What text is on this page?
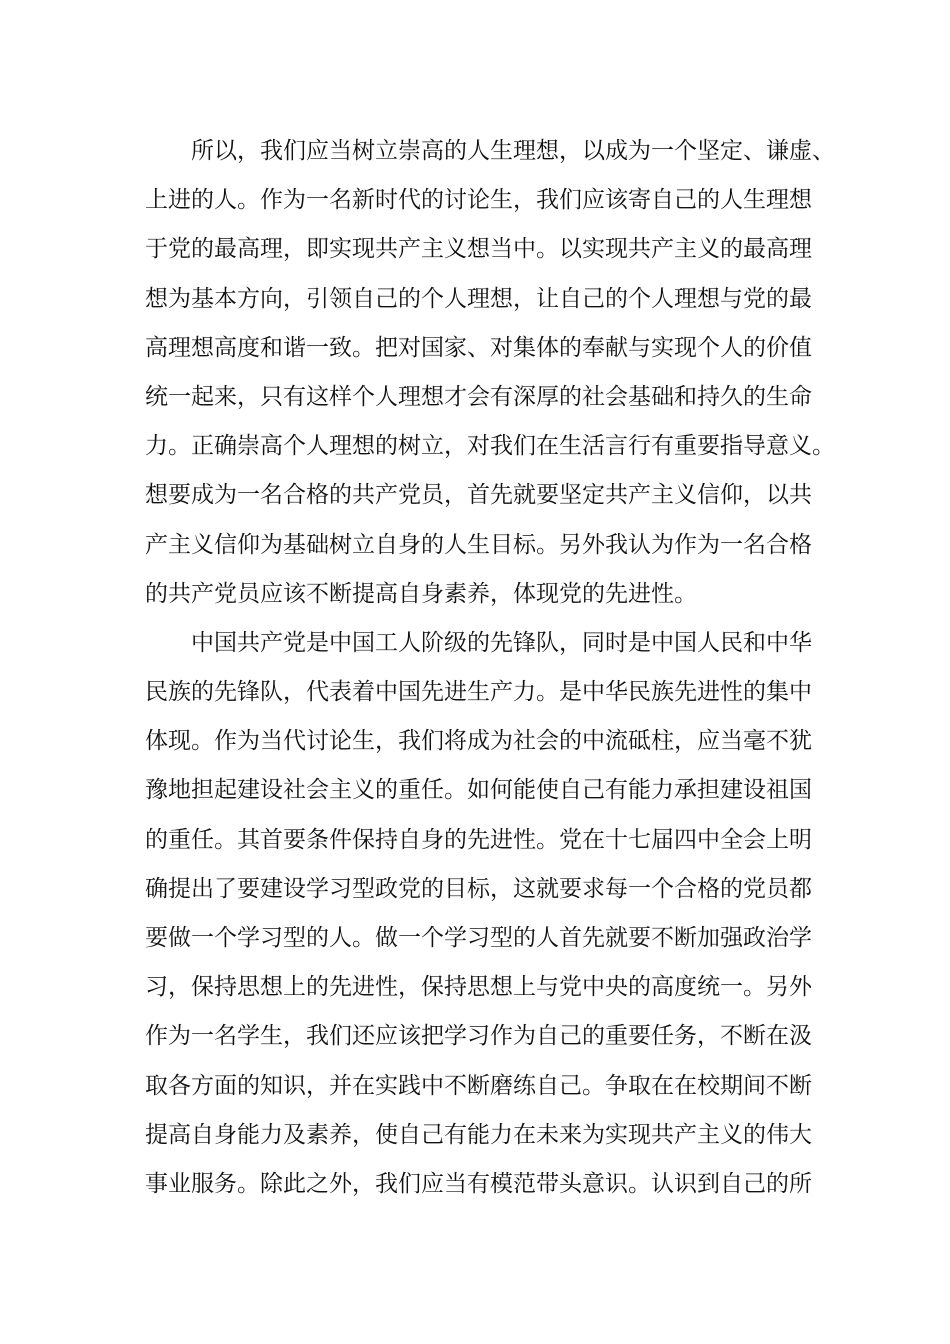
所以，我们应当树立崇高的人生理想，以成为一个坚定、谦虚、
上进的人。作为一名新时代的讨论生，我们应该寄自己的人生理想
于党的最高理，即实现共产主义想当中。以实现共产主义的最高理
想为基本方向，引领自己的个人理想，让自己的个人理想与党的最
高理想高度和谐一致。把对国家、对集体的奉献与实现个人的价值
统一起来，只有这样个人理想才会有深厚的社会基础和持久的生命
力。正确崇高个人理想的树立，对我们在生活言行有重要指导意义。
想要成为一名合格的共产党员，首先就要坚定共产主义信仰，以共
产主义信仰为基础树立自身的人生目标。另外我认为作为一名合格
的共产党员应该不断提高自身素养，体现党的先进性。
中国共产党是中国工人阶级的先锋队，同时是中国人民和中华
民族的先锋队，代表着中国先进生产力。是中华民族先进性的集中
体现。作为当代讨论生，我们将成为社会的中流砥柱，应当毫不犹
豫地担起建设社会主义的重任。如何能使自己有能力承担建设祖国
的重任。其首要条件保持自身的先进性。党在十七届四中全会上明
确提出了要建设学习型政党的目标，这就要求每一个合格的党员都
要做一个学习型的人。做一个学习型的人首先就要不断加强政治学
习，保持思想上的先进性，保持思想上与党中央的高度统一。另外
作为一名学生，我们还应该把学习作为自己的重要任务，不断在汲
取各方面的知识，并在实践中不断磨练自己。争取在在校期间不断
提高自身能力及素养，使自己有能力在未来为实现共产主义的伟大
事业服务。除此之外，我们应当有模范带头意识。认识到自己的所
